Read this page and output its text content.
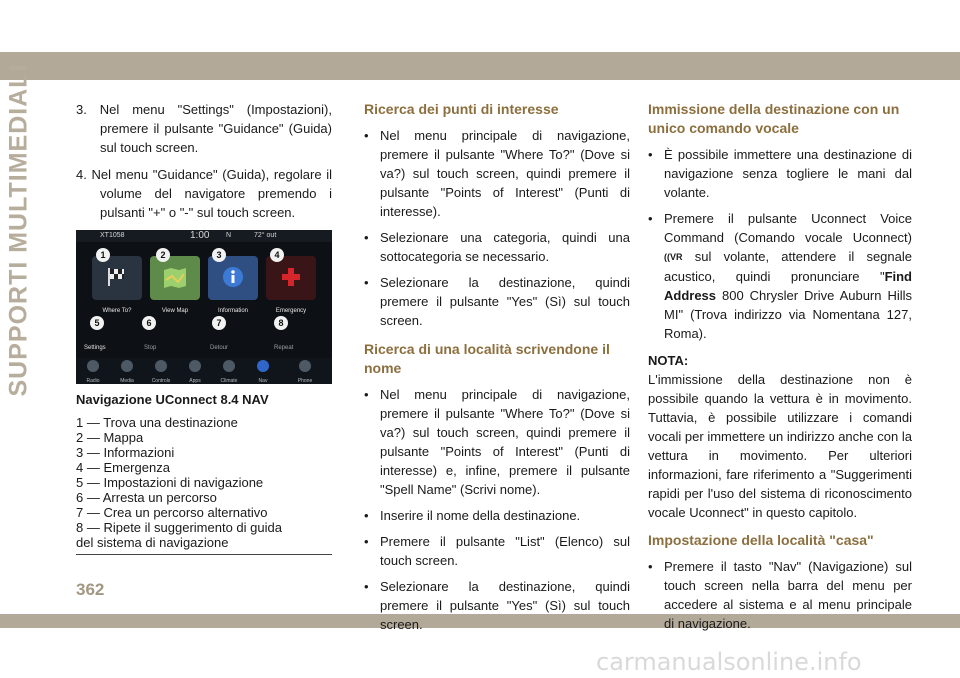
SUPPORTI MULTIMEDIALI	3. Nel menu "Settings" (Impostazioni), premere il pulsante "Guidance" (Guida) sul touch screen.
4. Nel menu "Guidance" (Guida), regolare il volume del navigatore premendo i pulsanti "+" o "-" sul touch screen.
XT1058	1:00 N	72° out
Where To?	View Map	Information	Emergency
1	2	3	4
5	6	7	8
Settings	Stop	Detour	Repeat
Radio	Media	Controls	Apps	Climate	Nav	Phone
Navigazione UConnect 8.4 NAV
1 — Trova una destinazione
2 — Mappa
3 — Informazioni
4 — Emergenza
5 — Impostazioni di navigazione
6 — Arresta un percorso
7 — Crea un percorso alternativo
8 — Ripete il suggerimento di guida
del sistema di navigazione
Ricerca dei punti di interesse
• Nel menu principale di navigazione, premere il pulsante "Where To?" (Dove si va?) sul touch screen, quindi premere il pulsante "Points of Interest" (Punti di interesse).
• Selezionare una categoria, quindi una sottocategoria se necessario.
• Selezionare la destinazione, quindi premere il pulsante "Yes" (Sì) sul touch screen.
Ricerca di una località scrivendone il nome
• Nel menu principale di navigazione, premere il pulsante "Where To?" (Dove si va?) sul touch screen, quindi premere il pulsante "Points of Interest" (Punti di interesse) e, infine, premere il pulsante "Spell Name" (Scrivi nome).
• Inserire il nome della destinazione.
• Premere il pulsante "List" (Elenco) sul touch screen.
• Selezionare la destinazione, quindi premere il pulsante "Yes" (Sì) sul touch screen.
Immissione della destinazione con un unico comando vocale
• È possibile immettere una destinazione di navigazione senza togliere le mani dal volante.
• Premere il pulsante Uconnect Voice Command (Comando vocale Uconnect) ((VR sul volante, attendere il segnale acustico, quindi pronunciare "Find Address 800 Chrysler Drive Auburn Hills MI" (Trova indirizzo via Nomentana 127, Roma).
NOTA:

L'immissione della destinazione non è possibile quando la vettura è in movimento. Tuttavia, è possibile utilizzare i comandi vocali per immettere un indirizzo anche con la vettura in movimento. Per ulteriori informazioni, fare riferimento a "Suggerimenti rapidi per l'uso del sistema di riconoscimento vocale Uconnect" in questo capitolo.

Impostazione della località "casa"
• Premere il tasto "Nav" (Navigazione) sul touch screen nella barra del menu per accedere al sistema e al menu principale di navigazione.
362
carmanualsonline.info
